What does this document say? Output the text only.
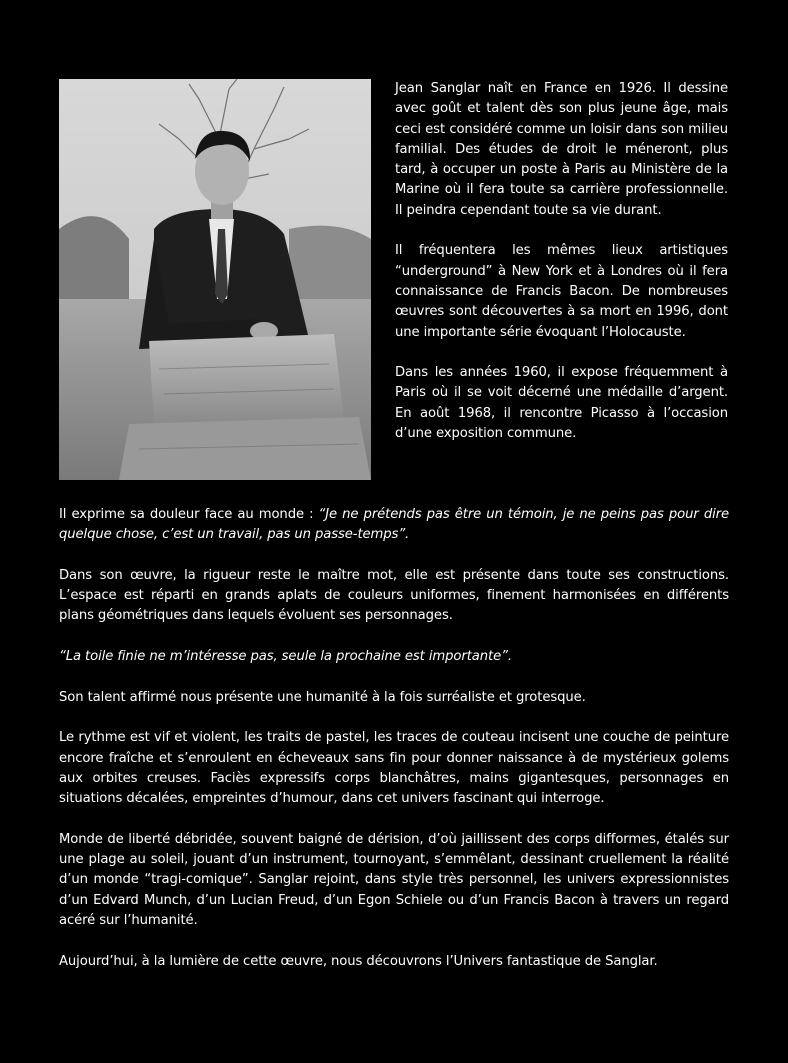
Jean Sanglar naît en France en 1926. Il dessine avec goût et talent dès son plus jeune âge, mais ceci est considéré comme un loisir dans son milieu familial. Des études de droit le méneront, plus tard, à occuper un poste à Paris au Ministère de la Marine où il fera toute sa carrière professionnelle. Il peindra cependant toute sa vie durant.

Il fréquentera les mêmes lieux artistiques “underground” à New York et à Londres où il fera connaissance de Francis Bacon. De nombreuses œuvres sont découvertes à sa mort en 1996, dont une importante série évoquant l’Holocauste.

Dans les années 1960, il expose fréquemment à Paris où il se voit décerné une médaille d’argent. En août 1968, il rencontre Picasso à l’occasion d’une exposition commune.

Il exprime sa douleur face au monde : “Je ne prétends pas être un témoin, je ne peins pas pour dire quelque chose, c’est un travail, pas un passe-temps”.

Dans son œuvre, la rigueur reste le maître mot, elle est présente dans toute ses constructions. L’espace est réparti en grands aplats de couleurs uniformes, finement harmonisées en différents plans géométriques dans lequels évoluent ses personnages.

“La toile finie ne m’intéresse pas, seule la prochaine est importante”.

Son talent affirmé nous présente une humanité à la fois surréaliste et grotesque.

Le rythme est vif et violent, les traits de pastel, les traces de couteau incisent une couche de peinture encore fraîche et s’enroulent en écheveaux sans fin pour donner naissance à de mystérieux golems aux orbites creuses. Faciès expressifs corps blanchâtres, mains gigantesques, personnages en situations décalées, empreintes d’humour, dans cet univers fascinant qui interroge.

Monde de liberté débridée, souvent baigné de dérision, d’où jaillissent des corps difformes, étalés sur une plage au soleil, jouant d’un instrument, tournoyant, s’emmêlant, dessinant cruellement la réalité d’un monde “tragi-comique”. Sanglar rejoint, dans style très personnel, les univers expressionnistes d’un Edvard Munch, d’un Lucian Freud, d’un Egon Schiele ou d’un Francis Bacon à travers un regard acéré sur l’humanité.

Aujourd’hui, à la lumière de cette œuvre, nous découvrons l’Univers fantastique de Sanglar.
